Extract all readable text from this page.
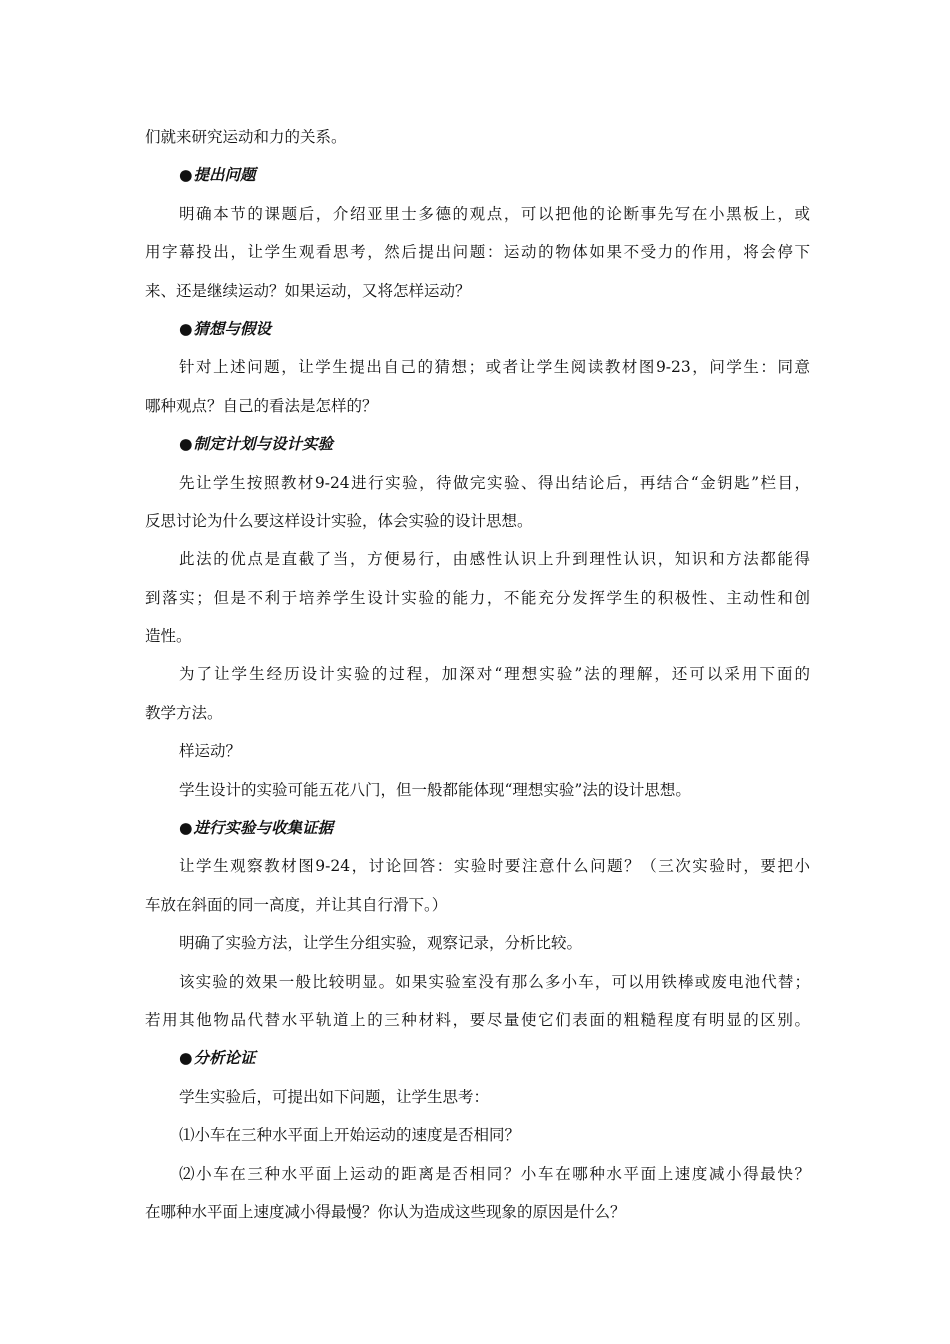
们就来研究运动和力的关系。
●提出问题
明确本节的课题后，介绍亚里士多德的观点，可以把他的论断事先写在小黑板上，或
用字幕投出，让学生观看思考，然后提出问题：运动的物体如果不受力的作用，将会停下
来、还是继续运动？如果运动，又将怎样运动？
●猜想与假设
针对上述问题，让学生提出自己的猜想；或者让学生阅读教材图9-23，问学生：同意
哪种观点？自己的看法是怎样的？
●制定计划与设计实验
先让学生按照教材9-24进行实验，待做完实验、得出结论后，再结合“金钥匙”栏目，
反思讨论为什么要这样设计实验，体会实验的设计思想。
此法的优点是直截了当，方便易行，由感性认识上升到理性认识，知识和方法都能得
到落实；但是不利于培养学生设计实验的能力，不能充分发挥学生的积极性、主动性和创
造性。
为了让学生经历设计实验的过程，加深对“理想实验”法的理解，还可以采用下面的
教学方法。
样运动？
学生设计的实验可能五花八门，但一般都能体现“理想实验”法的设计思想。
●进行实验与收集证据
让学生观察教材图9-24，讨论回答：实验时要注意什么问题？（三次实验时，要把小
车放在斜面的同一高度，并让其自行滑下。）
明确了实验方法，让学生分组实验，观察记录，分析比较。
该实验的效果一般比较明显。如果实验室没有那么多小车，可以用铁棒或废电池代替；
若用其他物品代替水平轨道上的三种材料，要尽量使它们表面的粗糙程度有明显的区别。
●分析论证
学生实验后，可提出如下问题，让学生思考：
⑴小车在三种水平面上开始运动的速度是否相同？
⑵小车在三种水平面上运动的距离是否相同？小车在哪种水平面上速度减小得最快？
在哪种水平面上速度减小得最慢？你认为造成这些现象的原因是什么？
